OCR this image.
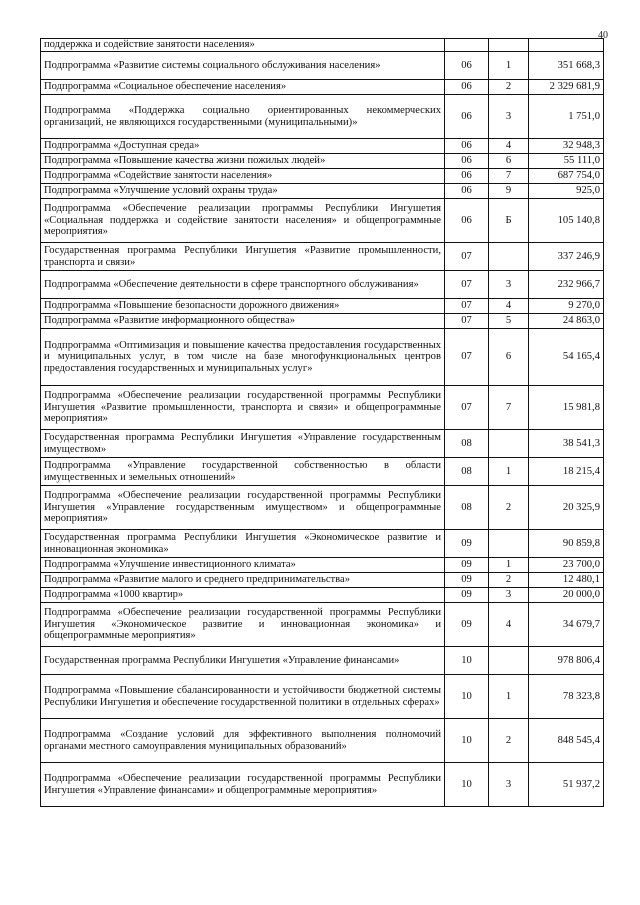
40
поддержка и содействие занятости населения»			
Подпрограмма «Развитие системы социального обслуживания населения»	06	1	351 668,3
Подпрограмма «Социальное обеспечение населения»	06	2	2 329 681,9
Подпрограмма «Поддержка социально ориентированных некоммерческих организаций, не являющихся государственными (муниципальными)»	06	3	1 751,0
Подпрограмма «Доступная среда»	06	4	32 948,3
Подпрограмма «Повышение качества жизни пожилых людей»	06	6	55 111,0
Подпрограмма «Содействие занятости населения»	06	7	687 754,0
Подпрограмма «Улучшение условий охраны труда»	06	9	925,0
Подпрограмма «Обеспечение реализации программы Республики Ингушетия «Социальная поддержка и содействие занятости населения» и общепрограммные мероприятия»	06	Б	105 140,8
Государственная программа Республики Ингушетия «Развитие промышленности, транспорта и связи»	07		337 246,9
Подпрограмма «Обеспечение деятельности в сфере транспортного обслуживания»	07	3	232 966,7
Подпрограмма «Повышение безопасности дорожного движения»	07	4	9 270,0
Подпрограмма «Развитие информационного общества»	07	5	24 863,0
Подпрограмма «Оптимизация и повышение качества предоставления государственных и муниципальных услуг, в том числе на базе многофункциональных центров предоставления государственных и муниципальных услуг»	07	6	54 165,4
Подпрограмма «Обеспечение реализации государственной программы Республики Ингушетия «Развитие промышленности, транспорта и связи» и общепрограммные мероприятия»	07	7	15 981,8
Государственная программа Республики Ингушетия «Управление государственным имуществом»	08		38 541,3
Подпрограмма «Управление государственной собственностью в области имущественных и земельных отношений»	08	1	18 215,4
Подпрограмма «Обеспечение реализации государственной программы Республики Ингушетия «Управление государственным имуществом» и общепрограммные мероприятия»	08	2	20 325,9
Государственная программа Республики Ингушетия «Экономическое развитие и инновационная экономика»	09		90 859,8
Подпрограмма «Улучшение инвестиционного климата»	09	1	23 700,0
Подпрограмма «Развитие малого и среднего предпринимательства»	09	2	12 480,1
Подпрограмма «1000 квартир»	09	3	20 000,0
Подпрограмма «Обеспечение реализации государственной программы Республики Ингушетия «Экономическое развитие и инновационная экономика» и общепрограммные мероприятия»	09	4	34 679,7
Государственная программа Республики Ингушетия «Управление финансами»	10		978 806,4
Подпрограмма «Повышение сбалансированности и устойчивости бюджетной системы Республики Ингушетия и обеспечение государственной политики в отдельных сферах»	10	1	78 323,8
Подпрограмма «Создание условий для эффективного выполнения полномочий органами местного самоуправления муниципальных образований»	10	2	848 545,4
Подпрограмма «Обеспечение реализации государственной программы Республики Ингушетия «Управление финансами» и общепрограммные мероприятия»	10	3	51 937,2
